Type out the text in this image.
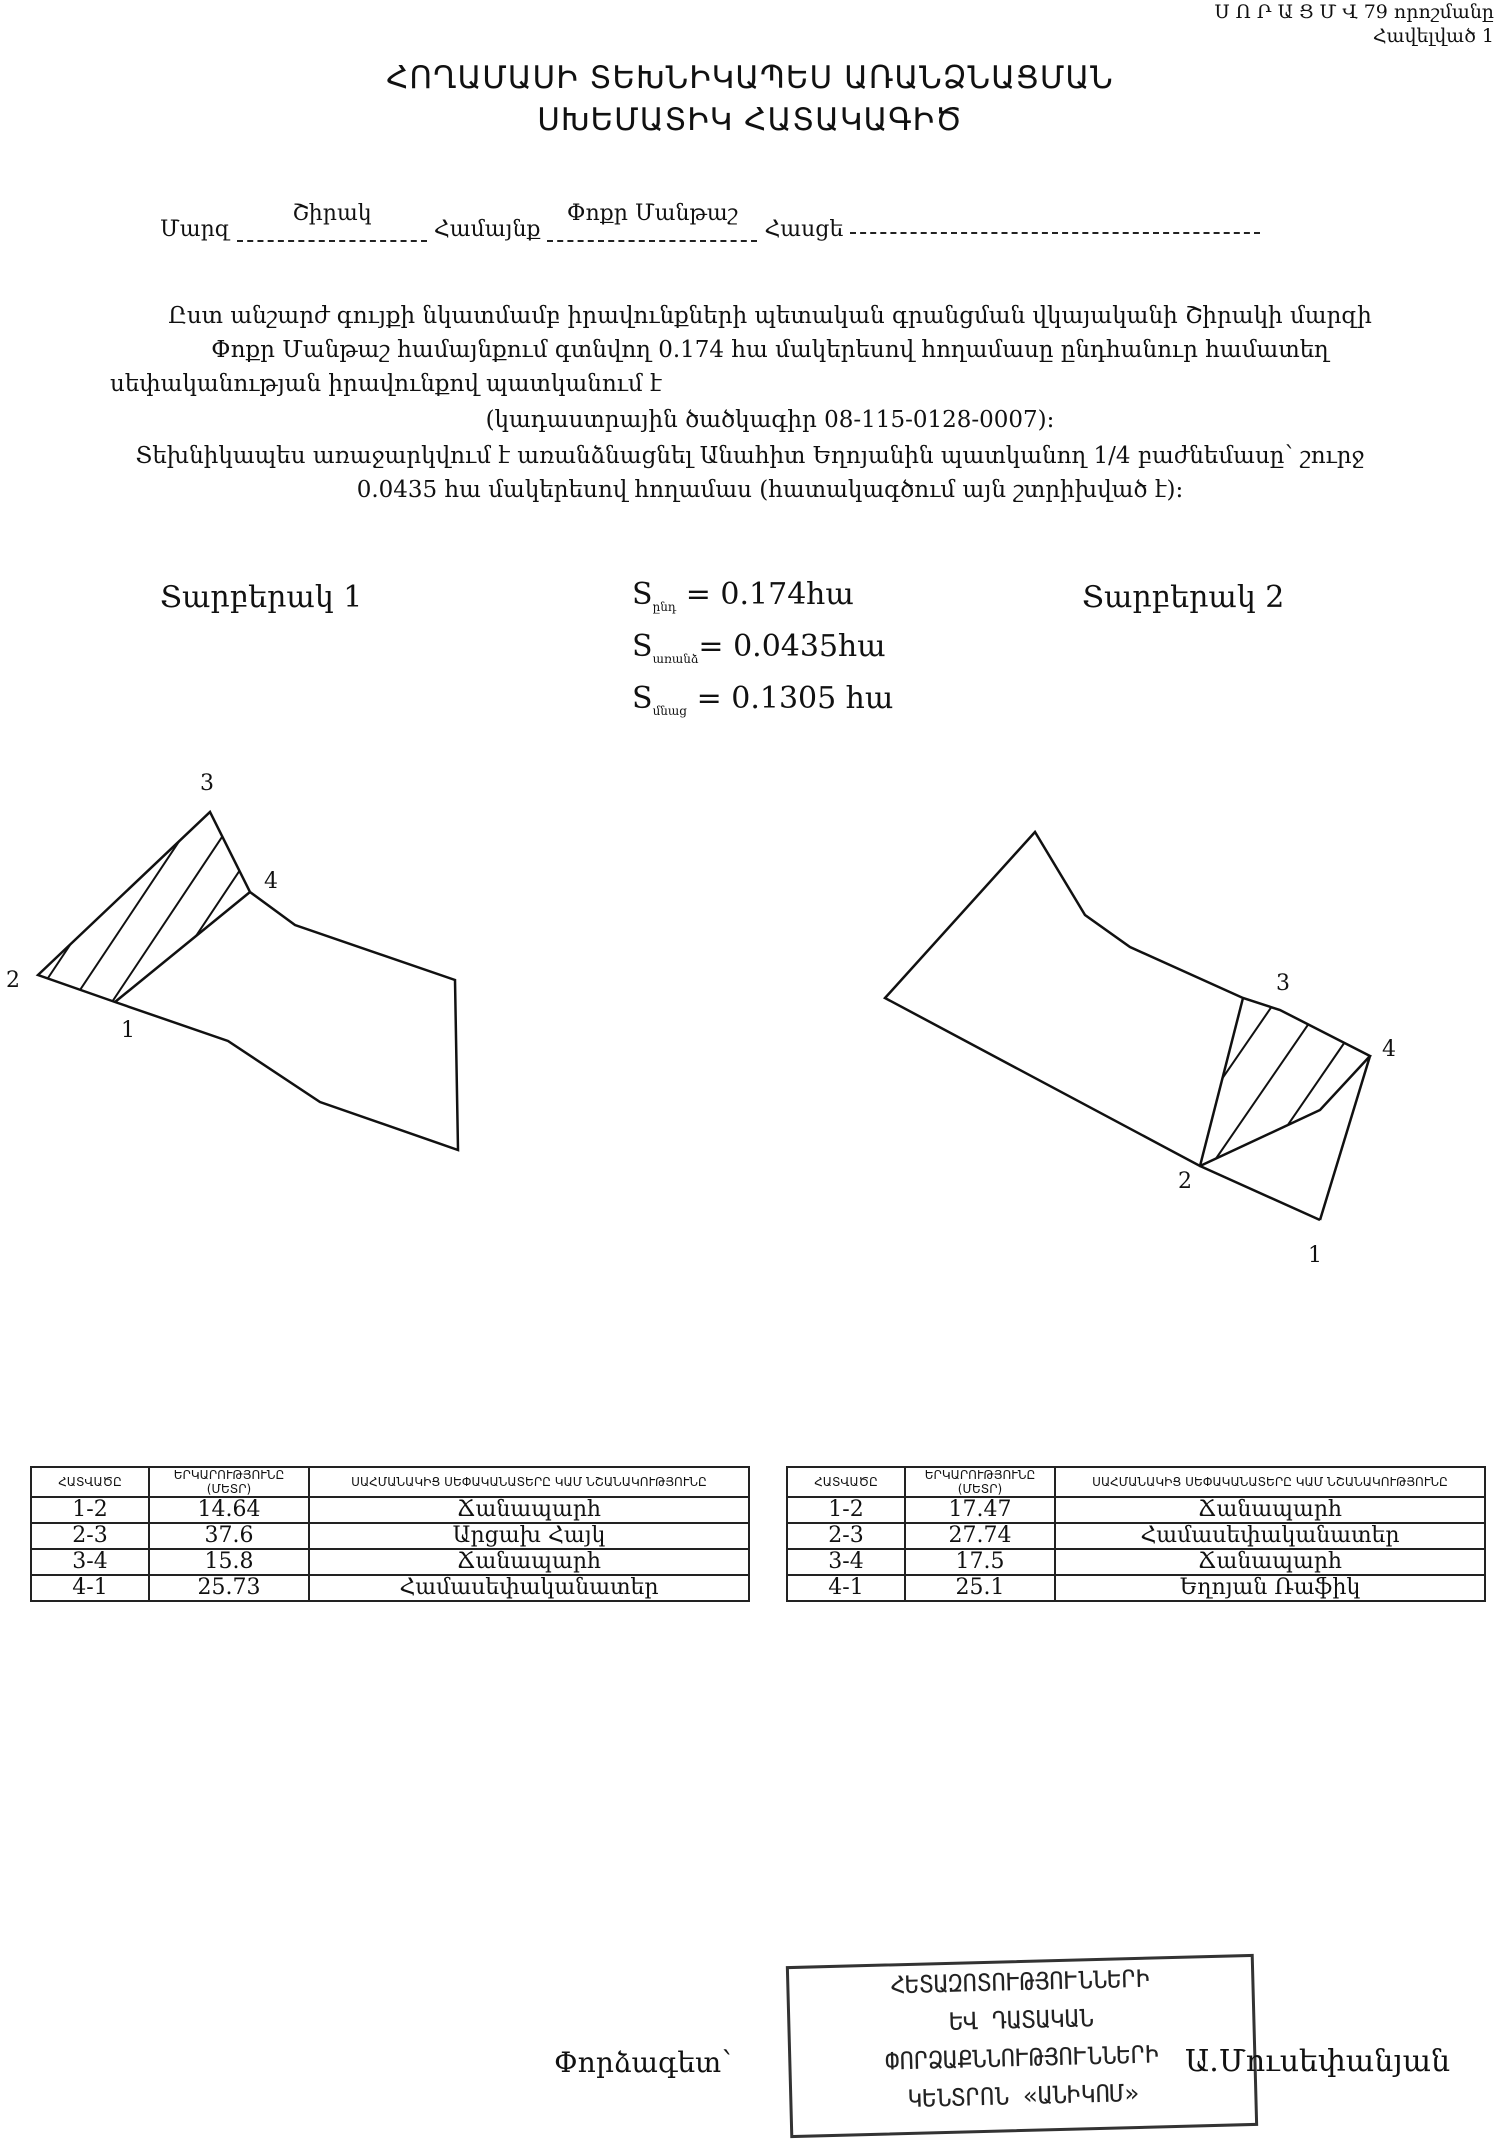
Ս Ո Ր Ա Ց Մ Վ 79 որոշմանը
Հավելված 1
ՀՈՂԱՄԱՍԻ ՏԵԽՆԻԿԱՊԵՍ ԱՌԱՆՁՆԱՑՄԱՆ
ՍԽԵՄԱՏԻԿ ՀԱՏԱԿԱԳԻԾ
Մարզ Շիրակ Համայնք Փոքր Մանթաշ Հասցե
Ըստ անշարժ գույքի նկատմամբ իրավունքների պետական գրանցման վկայականի Շիրակի մարզի
Փոքր Մանթաշ համայնքում գտնվող 0.174 հա մակերեսով հողամասը ընդհանուր համատեղ
սեփականության իրավունքով պատկանում է
(կադաստրային ծածկագիր 08-115-0128-0007):
Տեխնիկապես առաջարկվում է առանձնացնել Անահիտ Եղոյանին պատկանող 1/4 բաժնեմասը՝ շուրջ
0.0435 հա մակերեսով հողամաս (հատակագծում այն շտրիխված է):
Տարբերակ 1	Տարբերակ 2
$S_{ընդ}$ = 0.174հա
$S_{առանձ}=$ 0.0435հա
$S_{մնաց} = 0.1305$ հա
1
2
3
4
1
2
3
4
ՀԱՏՎԱԾԸ	ԵՐԿԱՐՈՒԹՅՈՒՆԸ (ՄԵՏՐ)	ՍԱՀՄԱՆԱԿԻՑ ՍԵՓԱԿԱՆԱՏԵՐԸ ԿԱՄ ՆՇԱՆԱԿՈՒԹՅՈՒՆԸ
1-2	14.64	Ճանապարհ
2-3	37.6	Արցախ Հայկ
3-4	15.8	Ճանապարհ
4-1	25.73	Համասեփականատեր
ՀԱՏՎԱԾԸ	ԵՐԿԱՐՈՒԹՅՈՒՆԸ (ՄԵՏՐ)	ՍԱՀՄԱՆԱԿԻՑ ՍԵՓԱԿԱՆԱՏԵՐԸ ԿԱՄ ՆՇԱՆԱԿՈՒԹՅՈՒՆԸ
1-2	17.47	Ճանապարհ
2-3	27.74	Համասեփականատեր
3-4	17.5	Ճանապարհ
4-1	25.1	Եղոյան Ռաֆիկ
ՀԵՏԱԶՈՏՈՒԹՅՈՒՆՆԵՐԻ
ԵՎ ԴԱՏԱԿԱՆ
ՓՈՐՁԱՔՆՆՈՒԹՅՈՒՆՆԵՐԻ
ԿԵՆՏՐՈՆ «ԱՆԻԿՈՄ»
Փորձագետ՝	Ա.Մուսեփանյան
